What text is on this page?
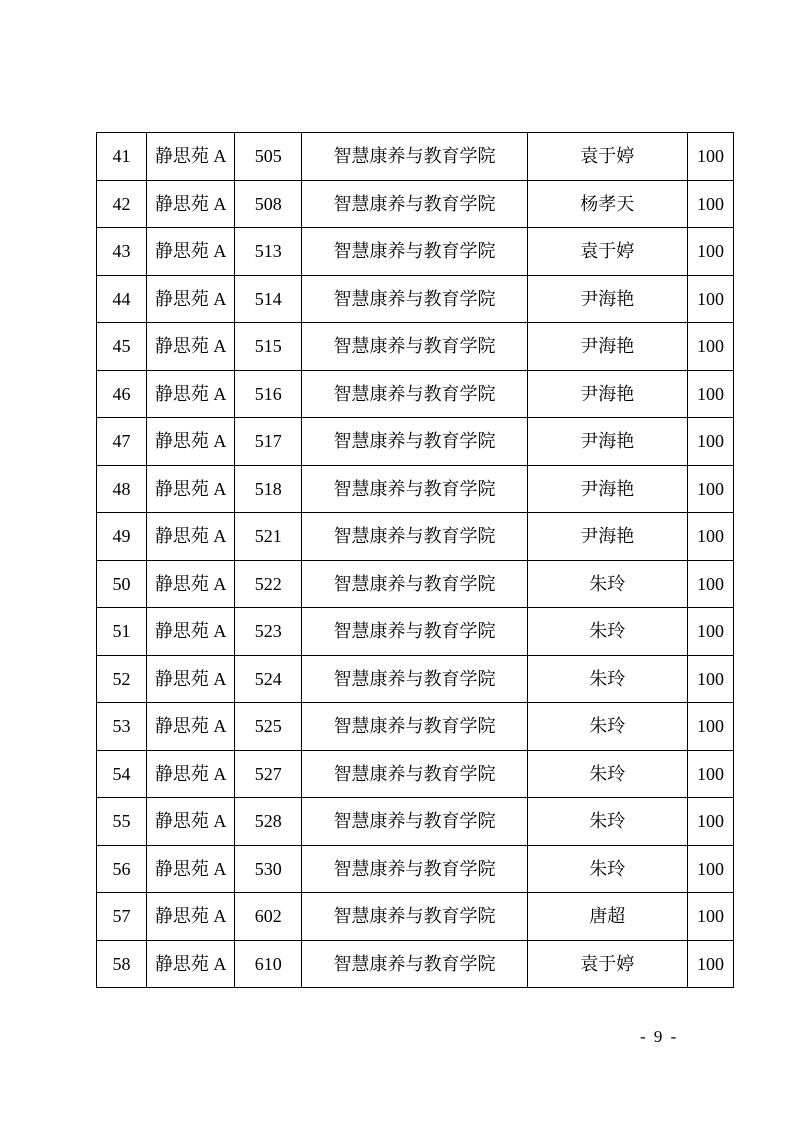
41	静思苑 A	505	智慧康养与教育学院	袁于婷	100
42	静思苑 A	508	智慧康养与教育学院	杨孝天	100
43	静思苑 A	513	智慧康养与教育学院	袁于婷	100
44	静思苑 A	514	智慧康养与教育学院	尹海艳	100
45	静思苑 A	515	智慧康养与教育学院	尹海艳	100
46	静思苑 A	516	智慧康养与教育学院	尹海艳	100
47	静思苑 A	517	智慧康养与教育学院	尹海艳	100
48	静思苑 A	518	智慧康养与教育学院	尹海艳	100
49	静思苑 A	521	智慧康养与教育学院	尹海艳	100
50	静思苑 A	522	智慧康养与教育学院	朱玲	100
51	静思苑 A	523	智慧康养与教育学院	朱玲	100
52	静思苑 A	524	智慧康养与教育学院	朱玲	100
53	静思苑 A	525	智慧康养与教育学院	朱玲	100
54	静思苑 A	527	智慧康养与教育学院	朱玲	100
55	静思苑 A	528	智慧康养与教育学院	朱玲	100
56	静思苑 A	530	智慧康养与教育学院	朱玲	100
57	静思苑 A	602	智慧康养与教育学院	唐超	100
58	静思苑 A	610	智慧康养与教育学院	袁于婷	100
- 9 -
